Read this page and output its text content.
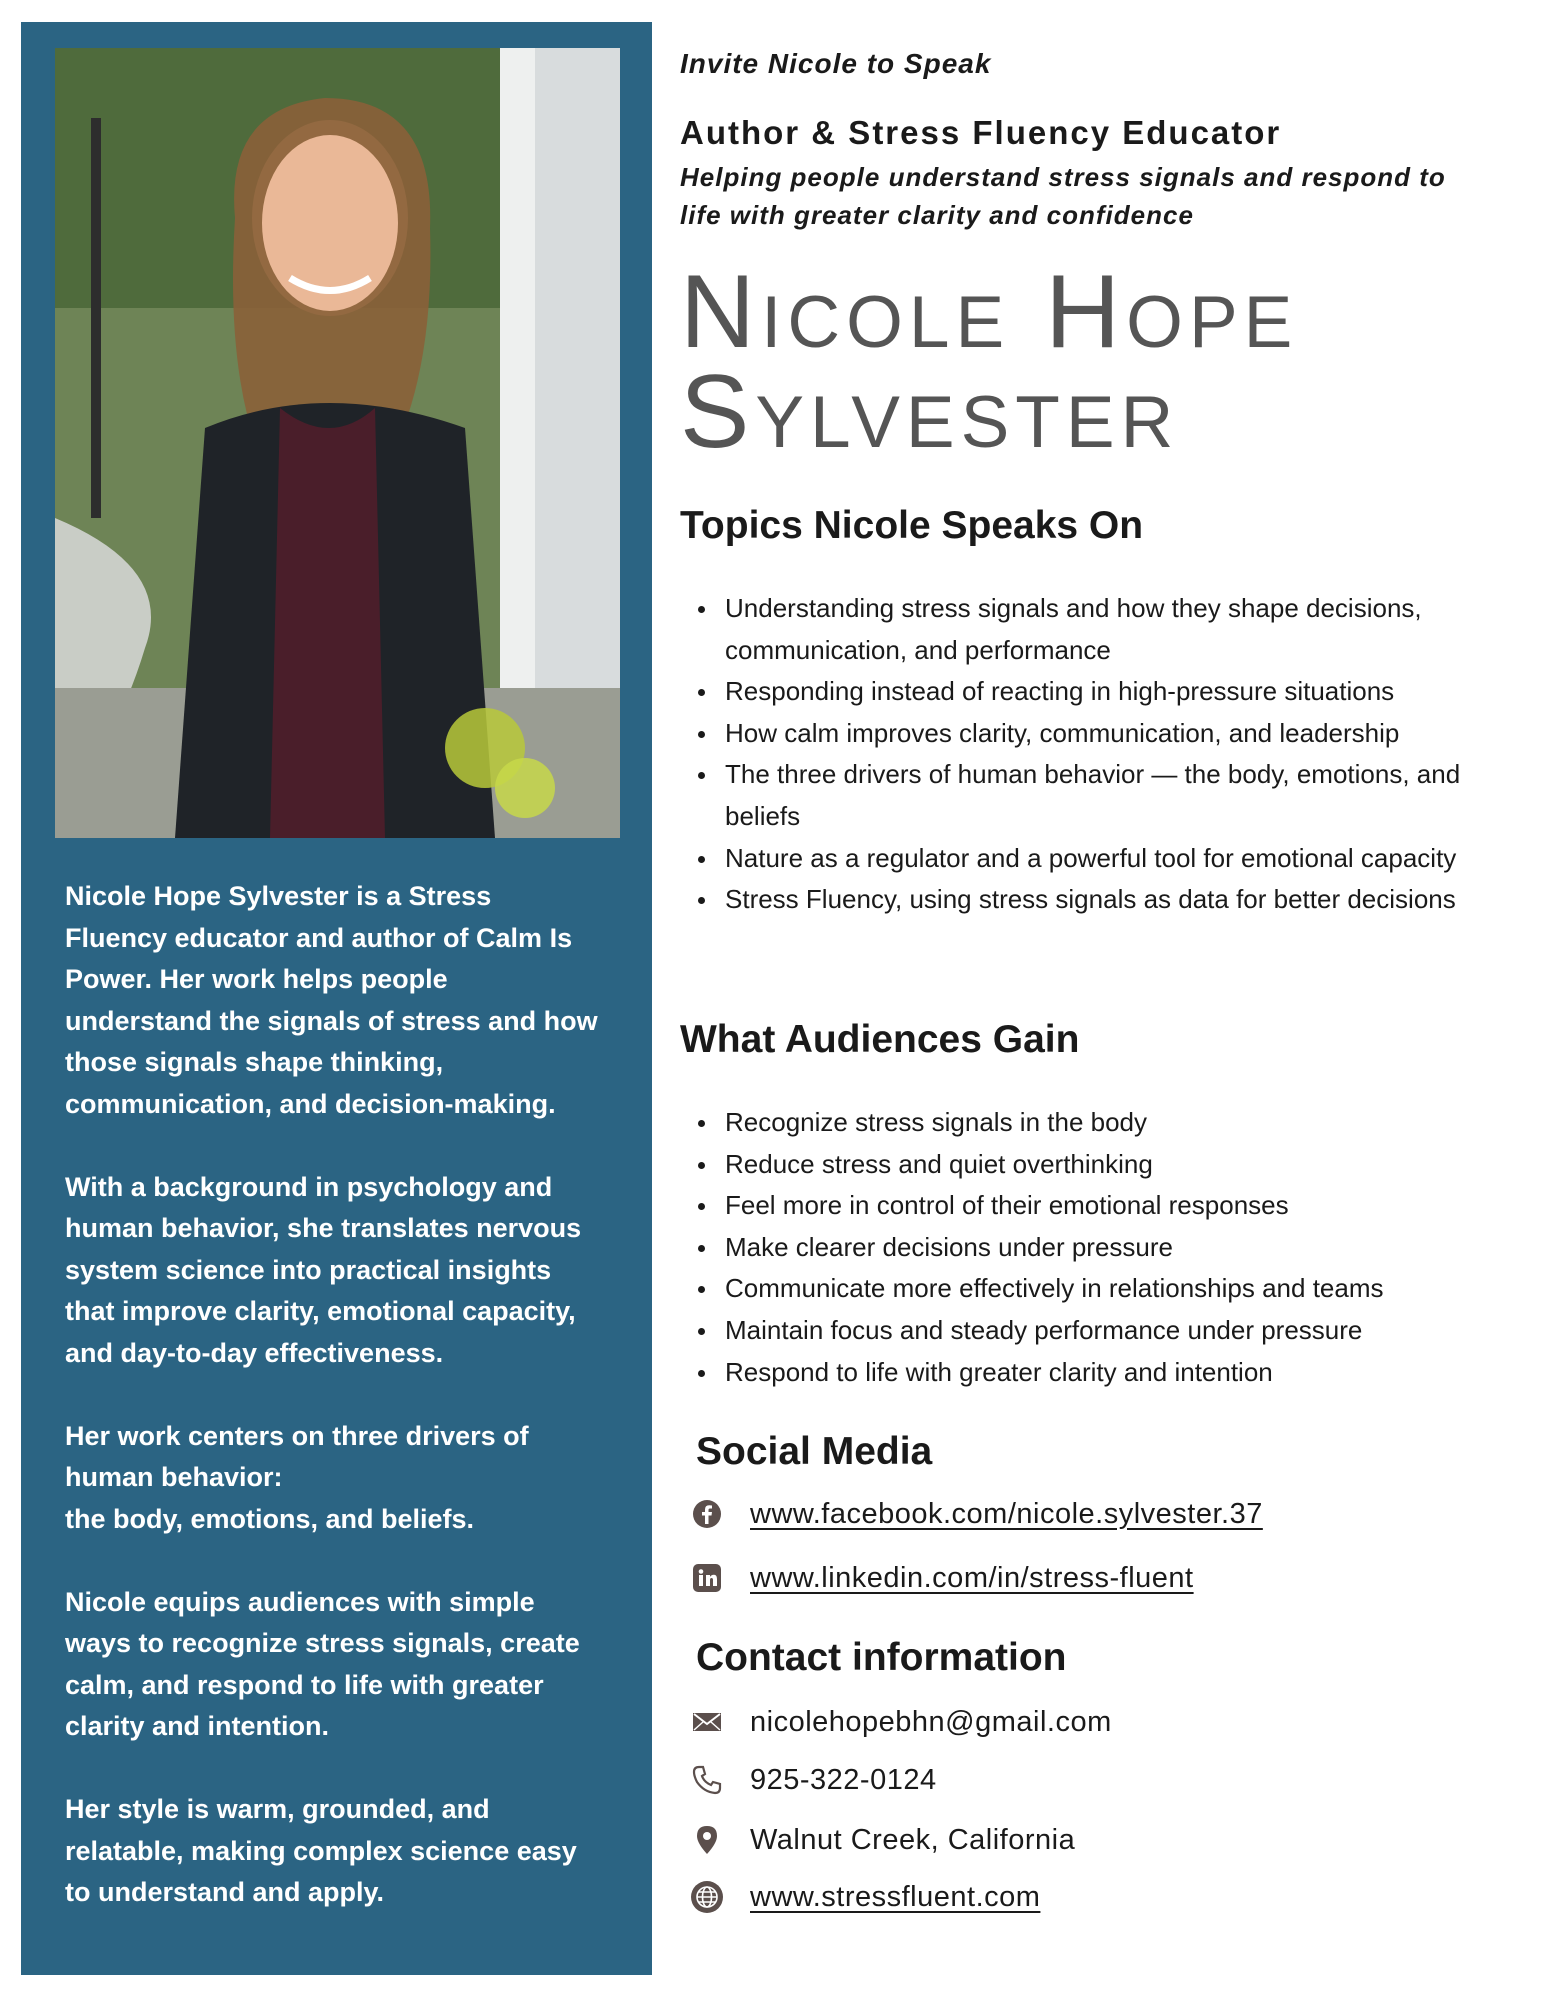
Nicole Hope Sylvester is a Stress
Fluency educator and author of Calm Is
Power. Her work helps people
understand the signals of stress and how
those signals shape thinking,
communication, and decision-making.

With a background in psychology and
human behavior, she translates nervous
system science into practical insights
that improve clarity, emotional capacity,
and day-to-day effectiveness.

Her work centers on three drivers of
human behavior:
the body, emotions, and beliefs.

Nicole equips audiences with simple
ways to recognize stress signals, create
calm, and respond to life with greater
clarity and intention.

Her style is warm, grounded, and
relatable, making complex science easy
to understand and apply.

Invite Nicole to Speak
Author & Stress Fluency Educator
Helping people understand stress signals and respond to life with greater clarity and confidence
Nicole Hope
Sylvester
Topics Nicole Speaks On
Understanding stress signals and how they shape decisions, communication, and performance
Responding instead of reacting in high-pressure situations
How calm improves clarity, communication, and leadership
The three drivers of human behavior — the body, emotions, and beliefs
Nature as a regulator and a powerful tool for emotional capacity
Stress Fluency, using stress signals as data for better decisions
What Audiences Gain
Recognize stress signals in the body
Reduce stress and quiet overthinking
Feel more in control of their emotional responses
Make clearer decisions under pressure
Communicate more effectively in relationships and teams
Maintain focus and steady performance under pressure
Respond to life with greater clarity and intention
Social Media
www.facebook.com/nicole.sylvester.37
www.linkedin.com/in/stress-fluent
Contact information
nicolehopebhn@gmail.com
925-322-0124
Walnut Creek, California
www.stressfluent.com
